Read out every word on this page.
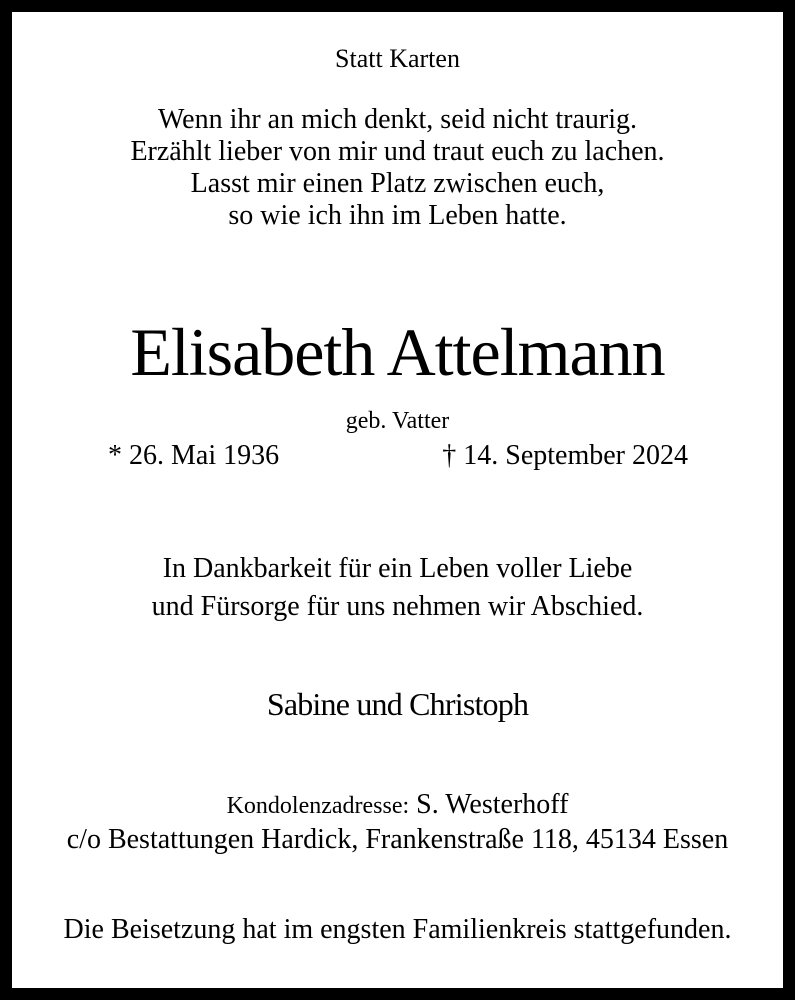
Statt Karten

Wenn ihr an mich denkt, seid nicht traurig.
Erzählt lieber von mir und traut euch zu lachen.
Lasst mir einen Platz zwischen euch,
so wie ich ihn im Leben hatte.

Elisabeth Attelmann

geb. Vatter

* 26. Mai 1936	† 14. September 2024
In Dankbarkeit für ein Leben voller Liebe
und Fürsorge für uns nehmen wir Abschied.

Sabine und Christoph

Kondolenzadresse: S. Westerhoff
c/o Bestattungen Hardick, Frankenstraße 118, 45134 Essen

Die Beisetzung hat im engsten Familienkreis stattgefunden.
